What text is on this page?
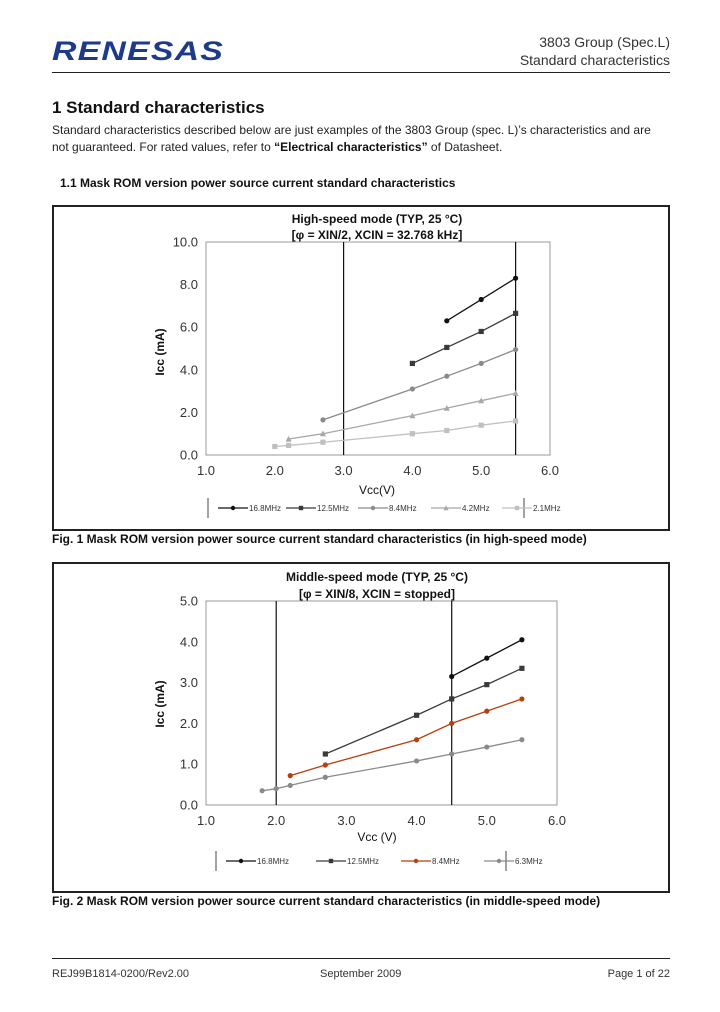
RENESAS	3803 Group (Spec.L)
Standard characteristics
1 Standard characteristics
Standard characteristics described below are just examples of the 3803 Group (spec. L)’s characteristics and are not guaranteed. For rated values, refer to “Electrical characteristics” of Datasheet.
1.1 Mask ROM version power source current standard characteristics
High-speed mode (TYP, 25 °C)
[φ = XIN/2, XCIN = 32.768 kHz]
Icc (mA)
Vcc(V)
0.0
2.0
4.0
6.0
8.0
10.0
1.0	2.0	3.0	4.0	5.0	6.0
16.8MHz	12.5MHz	8.4MHz	4.2MHz	2.1MHz
Fig. 1 Mask ROM version power source current standard characteristics (in high-speed mode)
Middle-speed mode (TYP, 25 °C)
[φ = XIN/8, XCIN = stopped]
Icc (mA)
Vcc (V)
0.0
1.0
2.0
3.0
4.0
5.0
1.0	2.0	3.0	4.0	5.0	6.0
16.8MHz	12.5MHz	8.4MHz	6.3MHz
Fig. 2 Mask ROM version power source current standard characteristics (in middle-speed mode)
REJ99B1814-0200/Rev2.00	September 2009	Page 1 of 22
